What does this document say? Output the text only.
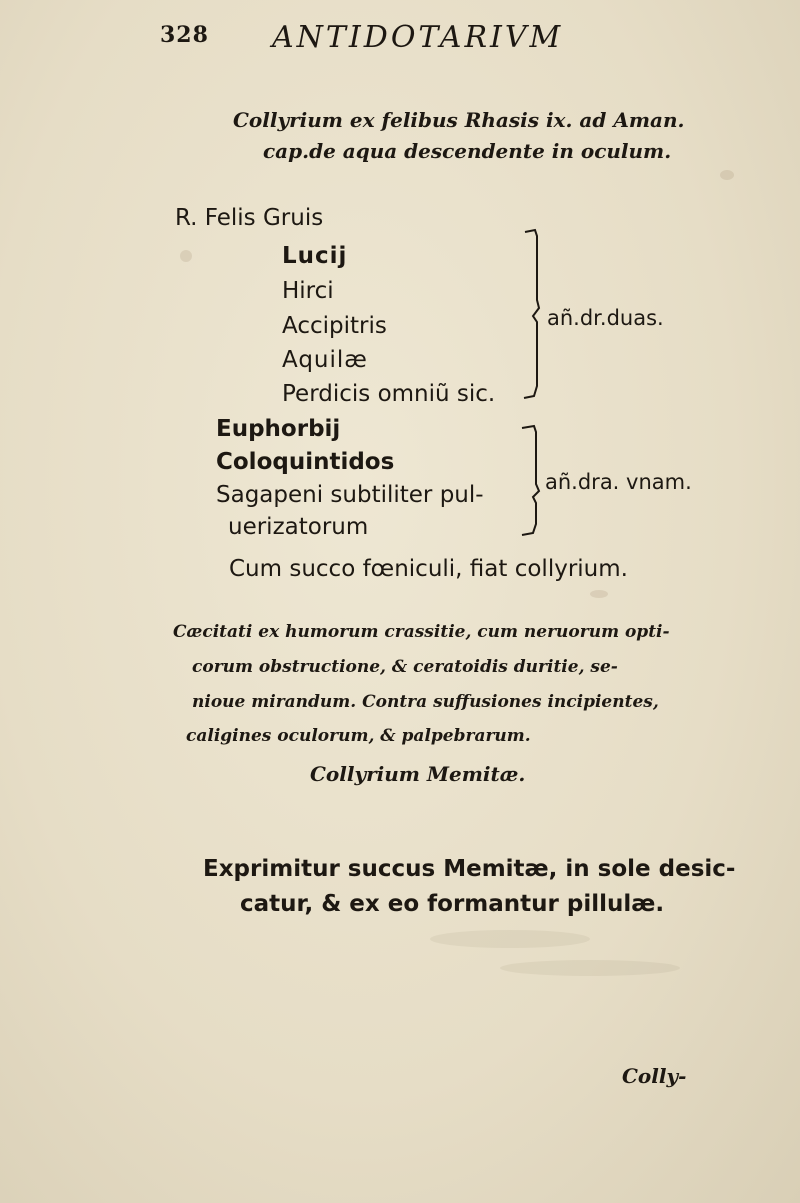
328 ANTIDOTARIVM
Collyrium ex felibus Rhasis ix. ad Aman.
cap.de aqua descendente in oculum.
R. Felis Gruis
Lucij
Hirci
Accipitris
Aquilæ
Perdicis omniũ sic.
añ.dr.duas.
Euphorbij
Coloquintidos
Sagapeni subtiliter pul-
uerizatorum
añ.dra. vnam.
Cum succo fœniculi, fiat collyrium.
Cæcitati ex humorum crassitie, cum neruorum opti-
corum obstructione, & ceratoidis duritie, se-
nioue mirandum. Contra suffusiones incipientes,
caligines oculorum, & palpebrarum.
Collyrium Memitæ.
Exprimitur succus Memitæ, in sole desic-
catur, & ex eo formantur pillulæ.
Colly-
